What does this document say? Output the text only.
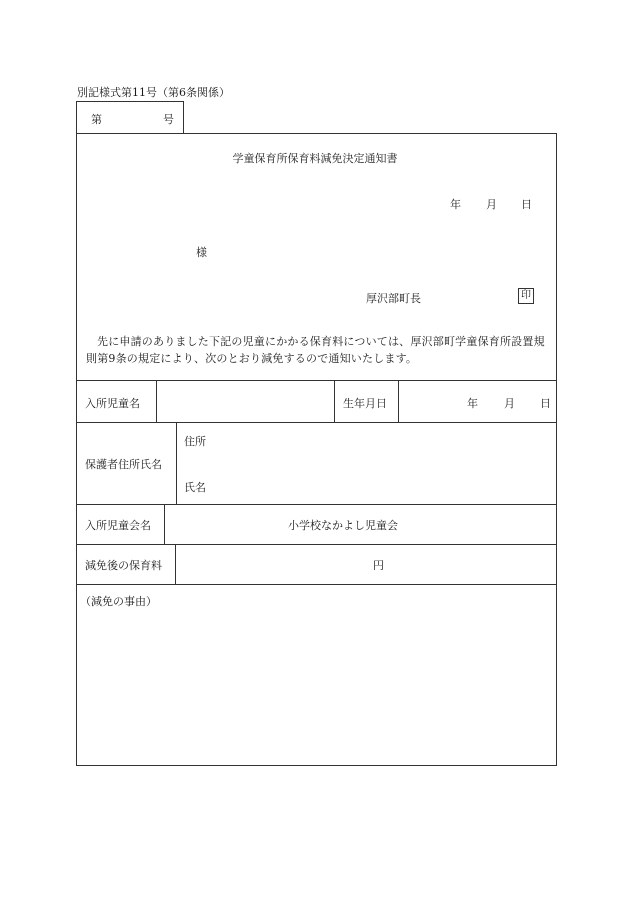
別記様式第11号（第6条関係）
第	号
学童保育所保育料減免決定通知書
年 月 日
様
厚沢部町長	印
先に申請のありました下記の児童にかかる保育料については、厚沢部町学童保育所設置規則第9条の規定により、次のとおり減免するので通知いたします。
入所児童名	生年月日	年 月 日
保護者住所氏名
住所
氏名
入所児童会名	小学校なかよし児童会
減免後の保育料	円
（減免の事由）
